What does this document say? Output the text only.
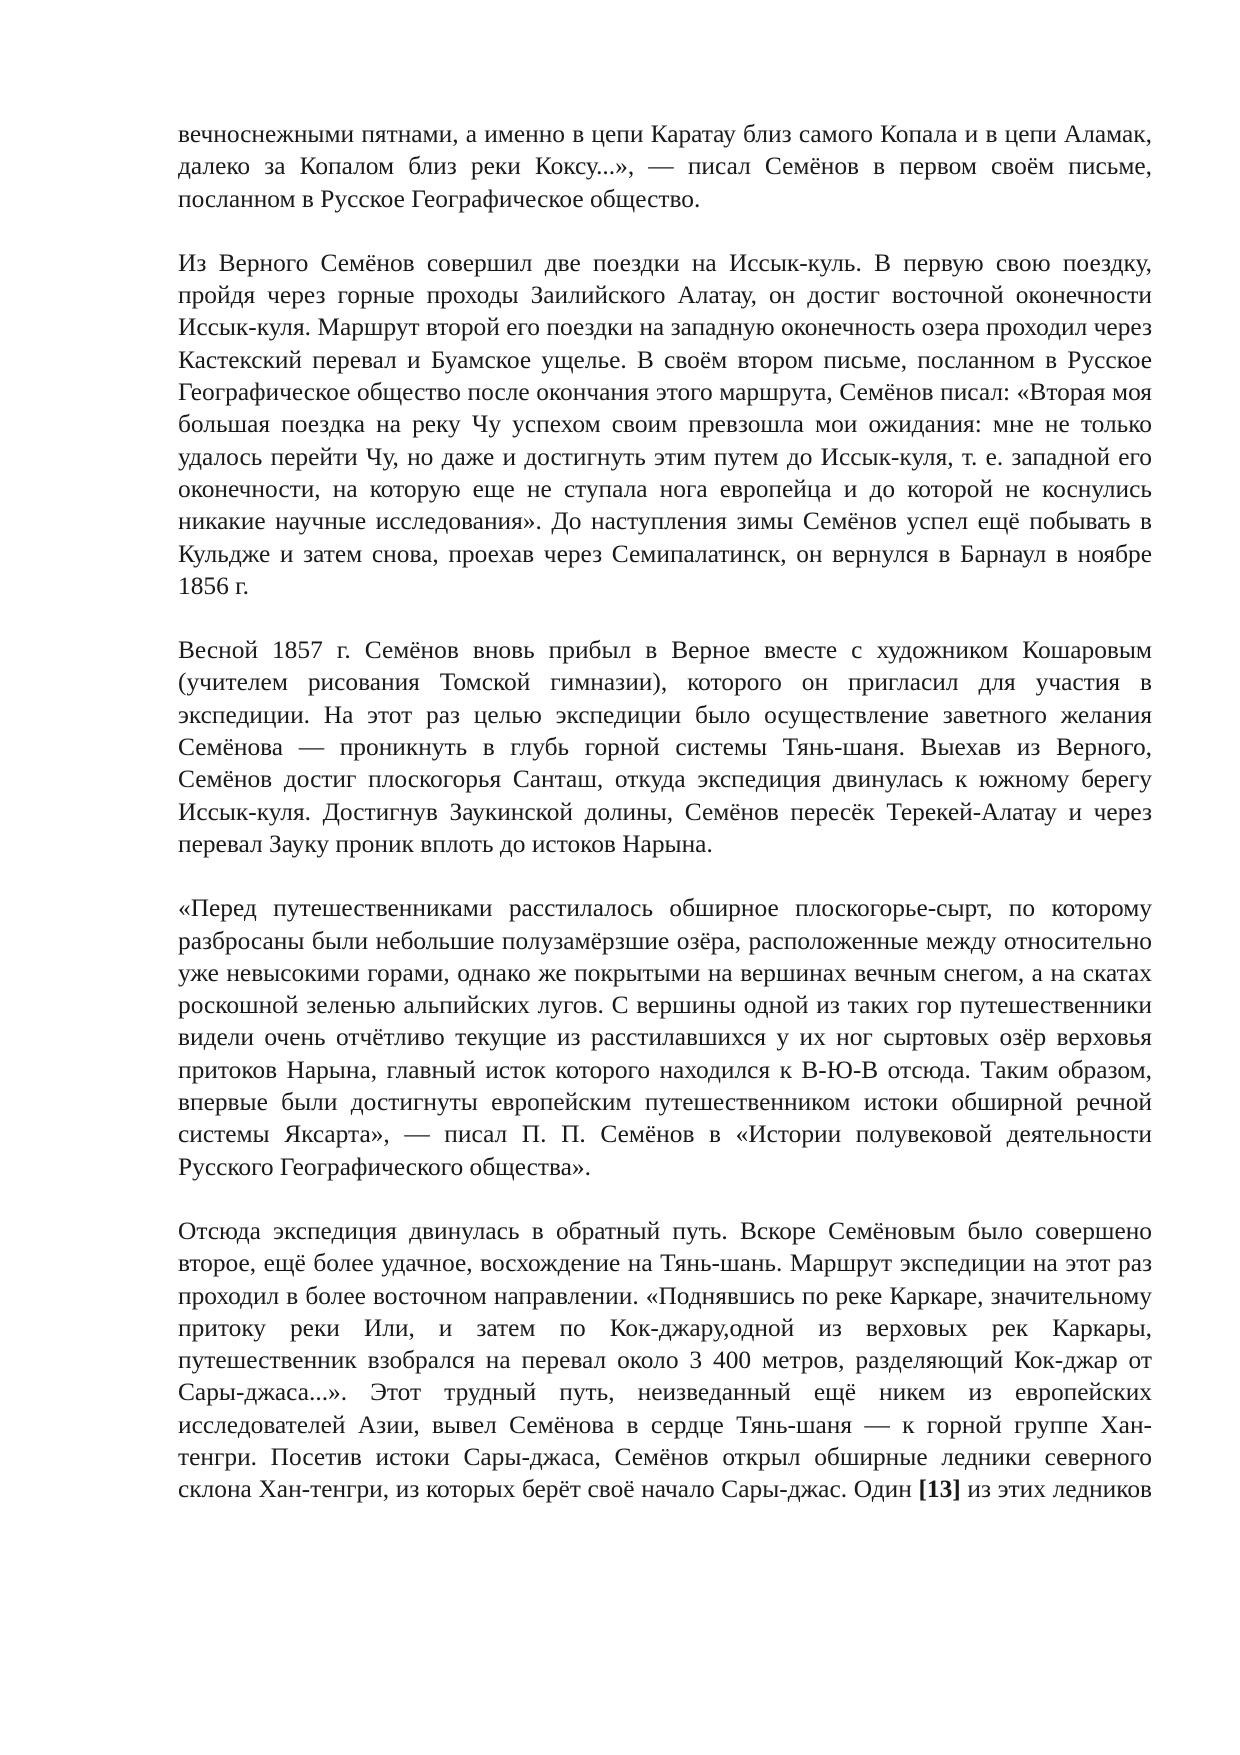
вечноснежными пятнами, а именно в цепи Каратау близ самого Копала и в цепи Аламак, далеко за Копалом близ реки Коксу...», — писал Семёнов в первом своём письме, посланном в Русское Географическое общество.

Из Верного Семёнов совершил две поездки на Иссык-куль. В первую свою поездку, пройдя через горные проходы Заилийского Алатау, он достиг восточной оконечности Иссык-куля. Маршрут второй его поездки на западную оконечность озера проходил через Кастекский перевал и Буамское ущелье. В своём втором письме, посланном в Русское Географическое общество после окончания этого маршрута, Семёнов писал: «Вторая моя большая поездка на реку Чу успехом своим превзошла мои ожидания: мне не только удалось перейти Чу, но даже и достигнуть этим путем до Иссык-куля, т. е. западной его оконечности, на которую еще не ступала нога европейца и до которой не коснулись никакие научные исследования». До наступления зимы Семёнов успел ещё побывать в Кульдже и затем снова, проехав через Семипалатинск, он вернулся в Барнаул в ноябре 1856 г.

Весной 1857 г. Семёнов вновь прибыл в Верное вместе с художником Кошаровым (учителем рисования Томской гимназии), которого он пригласил для участия в экспедиции. На этот раз целью экспедиции было осуществление заветного желания Семёнова — проникнуть в глубь горной системы Тянь-шаня. Выехав из Верного, Семёнов достиг плоскогорья Санташ, откуда экспедиция двинулась к южному берегу Иссык-куля. Достигнув Заукинской долины, Семёнов пересёк Терекей-Алатау и через перевал Зауку проник вплоть до истоков Нарына.

«Перед путешественниками расстилалось обширное плоскогорье-сырт, по которому разбросаны были небольшие полузамёрзшие озёра, расположенные между относительно уже невысокими горами, однако же покрытыми на вершинах вечным снегом, а на скатах роскошной зеленью альпийских лугов. С вершины одной из таких гор путешественники видели очень отчётливо текущие из расстилавшихся у их ног сыртовых озёр верховья притоков Нарына, главный исток которого находился к В-Ю-В отсюда. Таким образом, впервые были достигнуты европейским путешественником истоки обширной речной системы Яксарта», — писал П. П. Семёнов в «Истории полувековой деятельности Русского Географического общества».

Отсюда экспедиция двинулась в обратный путь. Вскоре Семёновым было совершено второе, ещё более удачное, восхождение на Тянь-шань. Маршрут экспедиции на этот раз проходил в более восточном направлении. «Поднявшись по реке Каркаре, значительному притоку реки Или, и затем по Кок-джару,одной из верховых рек Каркары, путешественник взобрался на перевал около 3 400 метров, разделяющий Кок-джар от Сары-джаса...». Этот трудный путь, неизведанный ещё никем из европейских исследователей Азии, вывел Семёнова в сердце Тянь-шаня — к горной группе Хан-тенгри. Посетив истоки Сары-джаса, Семёнов открыл обширные ледники северного склона Хан-тенгри, из которых берёт своё начало Сары-джас. Один [13] из этих ледников
